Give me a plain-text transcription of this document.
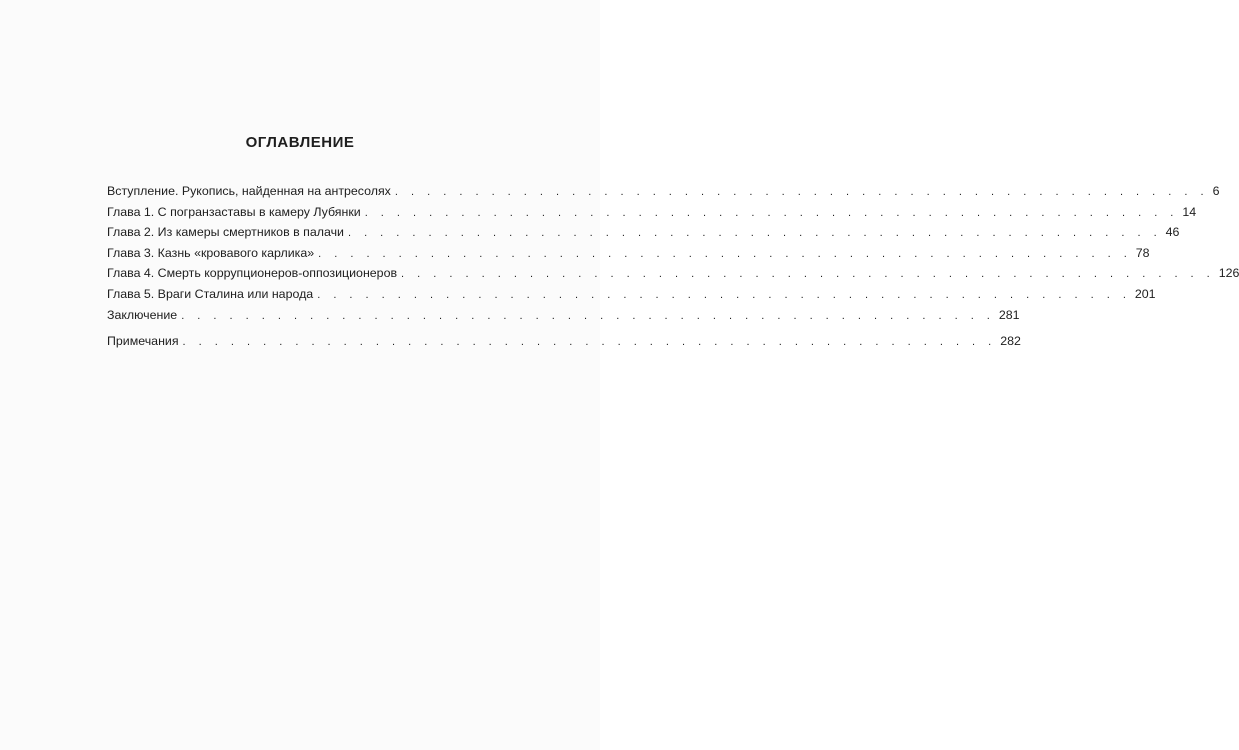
ОГЛАВЛЕНИЕ
Вступление. Рукопись, найденная на антресолях . . . . . . . . . . . . . . . . . . . . . . . . . . . . . . . . . . . . . . . . . . . . . . . . . . . 6
Глава 1. С погранзаставы в камеру Лубянки . . . . . . . . . . . . . . . . . . . . . . . . . . . . . . . . . . . . . . . . . . . . . . . . . . . 14
Глава 2. Из камеры смертников в палачи . . . . . . . . . . . . . . . . . . . . . . . . . . . . . . . . . . . . . . . . . . . . . . . . . . . 46
Глава 3. Казнь «кровавого карлика» . . . . . . . . . . . . . . . . . . . . . . . . . . . . . . . . . . . . . . . . . . . . . . . . . . . 78
Глава 4. Смерть коррупционеров-оппозиционеров . . . . . . . . . . . . . . . . . . . . . . . . . . . . . . . . . . . . . . . . . . . . . . . . . . . 126
Глава 5. Враги Сталина или народа . . . . . . . . . . . . . . . . . . . . . . . . . . . . . . . . . . . . . . . . . . . . . . . . . . . 201
Заключение . . . . . . . . . . . . . . . . . . . . . . . . . . . . . . . . . . . . . . . . . . . . . . . . . . . 281
Примечания . . . . . . . . . . . . . . . . . . . . . . . . . . . . . . . . . . . . . . . . . . . . . . . . . . . 282
